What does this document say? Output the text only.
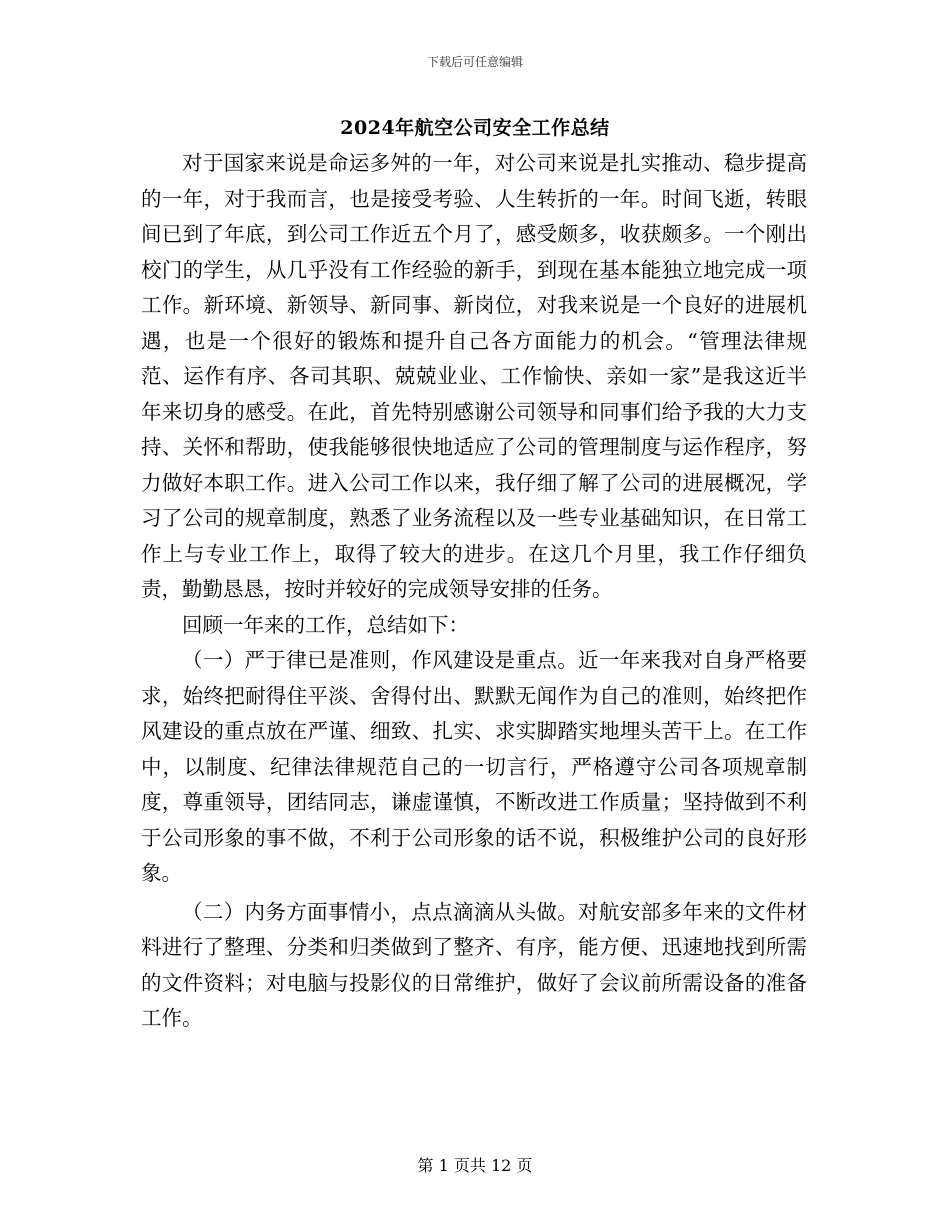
下载后可任意编辑
2024年航空公司安全工作总结

对于国家来说是命运多舛的一年，对公司来说是扎实推动、稳步提高的一年，对于我而言，也是接受考验、人生转折的一年。时间飞逝，转眼间已到了年底，到公司工作近五个月了，感受颇多，收获颇多。一个刚出校门的学生，从几乎没有工作经验的新手，到现在基本能独立地完成一项工作。新环境、新领导、新同事、新岗位，对我来说是一个良好的进展机遇，也是一个很好的锻炼和提升自己各方面能力的机会。“管理法律规范、运作有序、各司其职、兢兢业业、工作愉快、亲如一家”是我这近半年来切身的感受。在此，首先特别感谢公司领导和同事们给予我的大力支持、关怀和帮助，使我能够很快地适应了公司的管理制度与运作程序，努力做好本职工作。进入公司工作以来，我仔细了解了公司的进展概况，学习了公司的规章制度，熟悉了业务流程以及一些专业基础知识，在日常工作上与专业工作上，取得了较大的进步。在这几个月里，我工作仔细负责，勤勤恳恳，按时并较好的完成领导安排的任务。

回顾一年来的工作，总结如下：

（一）严于律已是准则，作风建设是重点。近一年来我对自身严格要求，始终把耐得住平淡、舍得付出、默默无闻作为自己的准则，始终把作风建设的重点放在严谨、细致、扎实、求实脚踏实地埋头苦干上。在工作中，以制度、纪律法律规范自己的一切言行，严格遵守公司各项规章制度，尊重领导，团结同志，谦虚谨慎，不断改进工作质量；坚持做到不利于公司形象的事不做，不利于公司形象的话不说，积极维护公司的良好形象。

（二）内务方面事情小，点点滴滴从头做。对航安部多年来的文件材料进行了整理、分类和归类做到了整齐、有序，能方便、迅速地找到所需的文件资料；对电脑与投影仪的日常维护，做好了会议前所需设备的准备工作。

第 1 页共 12 页
